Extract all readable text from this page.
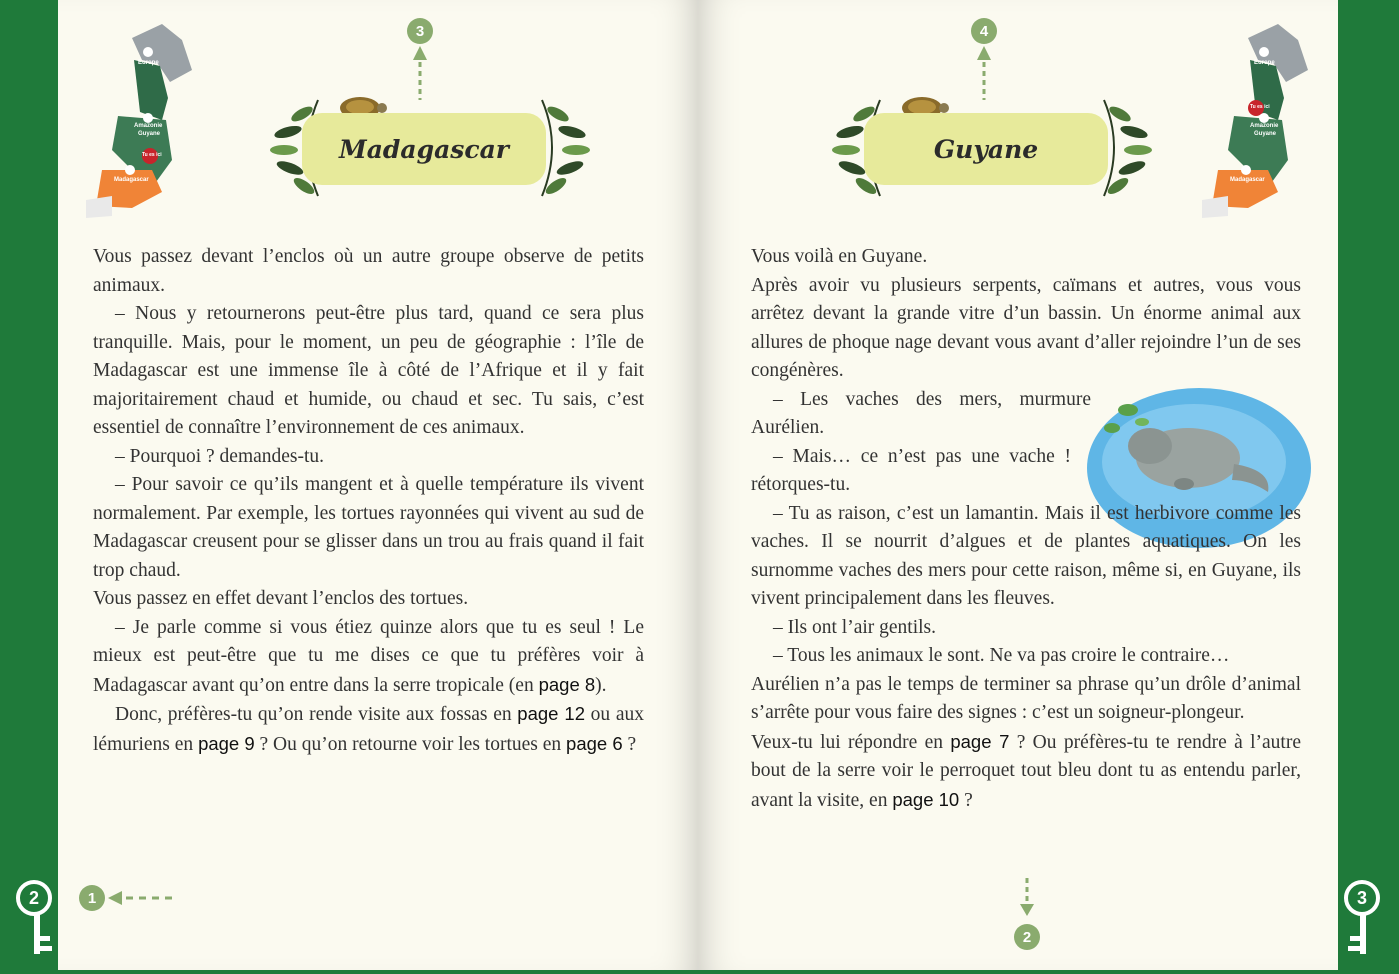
Europe
Amazonie
Guyane
Tu es ici
Madagascar
3
Madagascar

Vous passez devant l’enclos où un autre groupe observe de petits animaux.

– Nous y retournerons peut-être plus tard, quand ce sera plus tranquille. Mais, pour le moment, un peu de géographie : l’île de Madagascar est une immense île à côté de l’Afrique et il y fait majoritairement chaud et humide, ou chaud et sec. Tu sais, c’est essentiel de connaître l’environnement de ces animaux.

– Pourquoi ? demandes-tu.

– Pour savoir ce qu’ils mangent et à quelle température ils vivent normalement. Par exemple, les tortues rayonnées qui vivent au sud de Madagascar creusent pour se glisser dans un trou au frais quand il fait trop chaud.

Vous passez en effet devant l’enclos des tortues.

– Je parle comme si vous étiez quinze alors que tu es seul ! Le mieux est peut-être que tu me dises ce que tu préfères voir à Madagascar avant qu’on entre dans la serre tropicale (en page 8).

Donc, préfères-tu qu’on rende visite aux fossas en page 12 ou aux lémuriens en page 9 ? Ou qu’on retourne voir les tortues en page 6 ?

1
2
4
Guyane
Europe
Amazonie
Guyane
Tu es ici
Madagascar

Vous voilà en Guyane.

Après avoir vu plusieurs serpents, caïmans et autres, vous vous arrêtez devant la grande vitre d’un bassin. Un énorme animal aux allures de phoque nage devant vous avant d’aller rejoindre l’un de ses congénères.

– Les vaches des mers, murmure Aurélien.

– Mais… ce n’est pas une vache ! rétorques-tu.

– Tu as raison, c’est un lamantin. Mais il est herbivore comme les vaches. Il se nourrit d’algues et de plantes aquatiques. On les surnomme vaches des mers pour cette raison, même si, en Guyane, ils vivent principalement dans les fleuves.

– Ils ont l’air gentils.

– Tous les animaux le sont. Ne va pas croire le contraire…

Aurélien n’a pas le temps de terminer sa phrase qu’un drôle d’animal s’arrête pour vous faire des signes : c’est un soigneur-plongeur.

Veux-tu lui répondre en page 7 ? Ou préfères-tu te rendre à l’autre bout de la serre voir le perroquet tout bleu dont tu as entendu parler, avant la visite, en page 10 ?

2
3
